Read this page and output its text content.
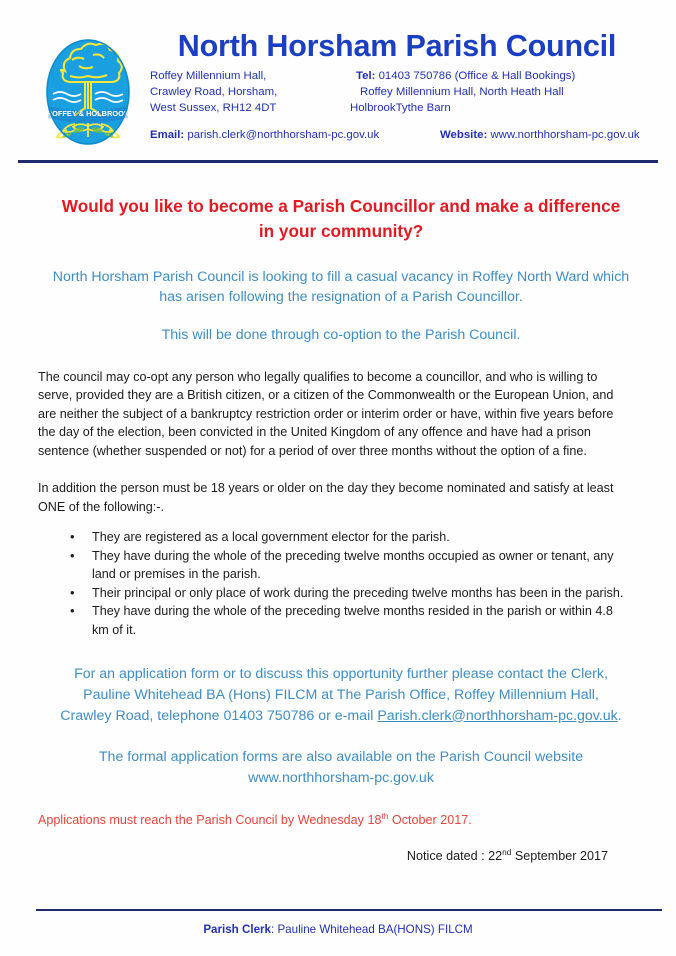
ROFFEY & HOLBROOK
North Horsham Parish Council
Roffey Millennium Hall,
Crawley Road, Horsham,
West Sussex, RH12 4DT
Tel: 01403 750786 (Office & Hall Bookings)
Roffey Millennium Hall, North Heath Hall
HolbrookTythe Barn
Email: parish.clerk@northhorsham-pc.gov.uk	Website: www.northhorsham-pc.gov.uk
Would you like to become a Parish Councillor and make a difference in your community?
North Horsham Parish Council is looking to fill a casual vacancy in Roffey North Ward which has arisen following the resignation of a Parish Councillor.
This will be done through co-option to the Parish Council.
The council may co-opt any person who legally qualifies to become a councillor, and who is willing to serve, provided they are a British citizen, or a citizen of the Commonwealth or the European Union, and are neither the subject of a bankruptcy restriction order or interim order or have, within five years before the day of the election, been convicted in the United Kingdom of any offence and have had a prison sentence (whether suspended or not) for a period of over three months without the option of a fine.
In addition the person must be 18 years or older on the day they become nominated and satisfy at least ONE of the following:-.
• They are registered as a local government elector for the parish.
• They have during the whole of the preceding twelve months occupied as owner or tenant, any land or premises in the parish.
• Their principal or only place of work during the preceding twelve months has been in the parish.
• They have during the whole of the preceding twelve months resided in the parish or within 4.8 km of it.
For an application form or to discuss this opportunity further please contact the Clerk, Pauline Whitehead BA (Hons) FILCM at The Parish Office, Roffey Millennium Hall, Crawley Road, telephone 01403 750786 or e-mail Parish.clerk@northhorsham-pc.gov.uk.
The formal application forms are also available on the Parish Council website
www.northhorsham-pc.gov.uk
Applications must reach the Parish Council by Wednesday 18th October 2017.
Notice dated : 22nd September 2017
Parish Clerk: Pauline Whitehead BA(HONS) FILCM
